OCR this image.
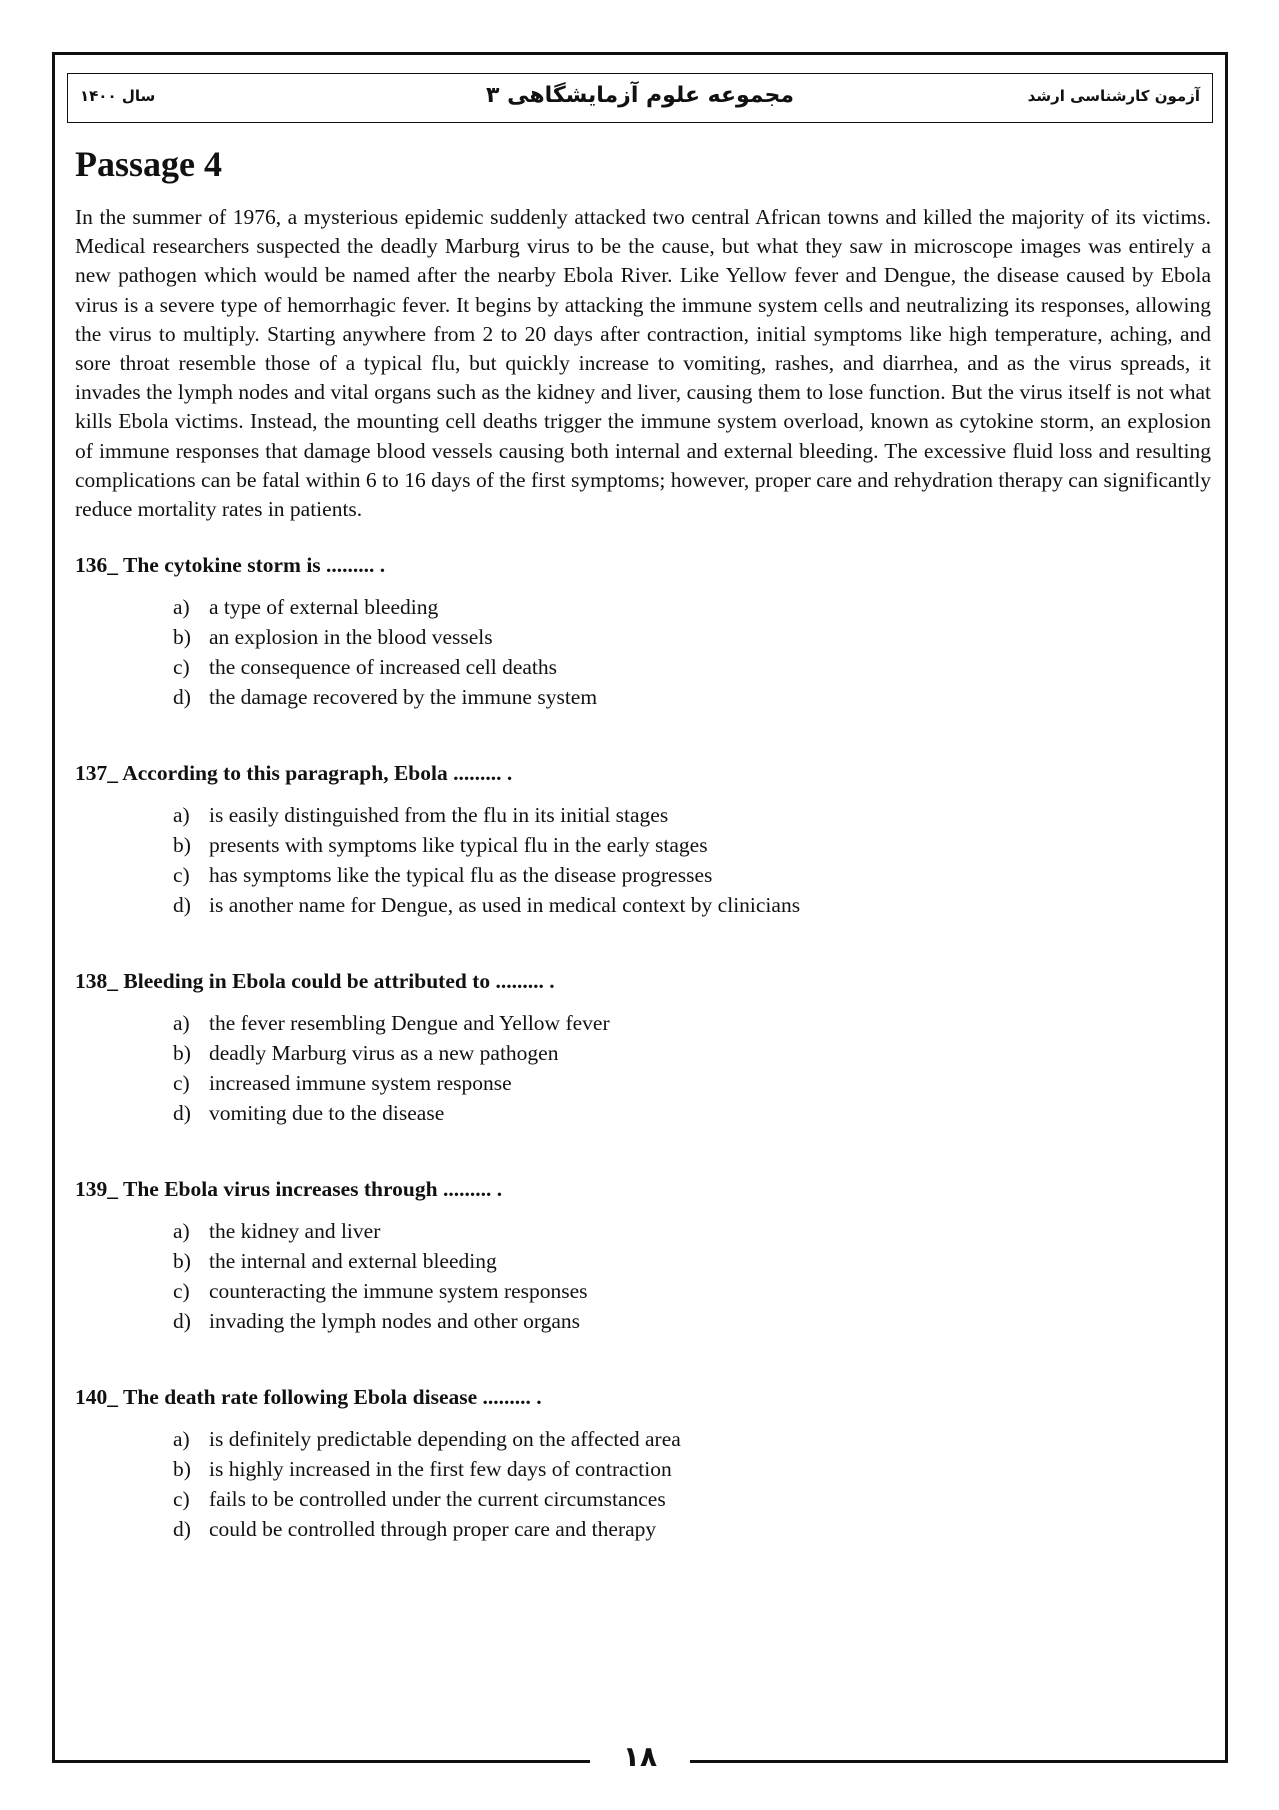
سال ۱۴۰۰	مجموعه علوم آزمایشگاهی ۳	آزمون کارشناسی ارشد
Passage 4

In the summer of 1976, a mysterious epidemic suddenly attacked two central African towns and killed the majority of its victims. Medical researchers suspected the deadly Marburg virus to be the cause, but what they saw in microscope images was entirely a new pathogen which would be named after the nearby Ebola River. Like Yellow fever and Dengue, the disease caused by Ebola virus is a severe type of hemorrhagic fever. It begins by attacking the immune system cells and neutralizing its responses, allowing the virus to multiply. Starting anywhere from 2 to 20 days after contraction, initial symptoms like high temperature, aching, and sore throat resemble those of a typical flu, but quickly increase to vomiting, rashes, and diarrhea, and as the virus spreads, it invades the lymph nodes and vital organs such as the kidney and liver, causing them to lose function. But the virus itself is not what kills Ebola victims. Instead, the mounting cell deaths trigger the immune system overload, known as cytokine storm, an explosion of immune responses that damage blood vessels causing both internal and external bleeding. The excessive fluid loss and resulting complications can be fatal within 6 to 16 days of the first symptoms; however, proper care and rehydration therapy can significantly reduce mortality rates in patients.

136_ The cytokine storm is ......... .

a) a type of external bleeding
b) an explosion in the blood vessels
c) the consequence of increased cell deaths
d) the damage recovered by the immune system

137_ According to this paragraph, Ebola ......... .

a) is easily distinguished from the flu in its initial stages
b) presents with symptoms like typical flu in the early stages
c) has symptoms like the typical flu as the disease progresses
d) is another name for Dengue, as used in medical context by clinicians

138_ Bleeding in Ebola could be attributed to ......... .

a) the fever resembling Dengue and Yellow fever
b) deadly Marburg virus as a new pathogen
c) increased immune system response
d) vomiting due to the disease

139_ The Ebola virus increases through ......... .

a) the kidney and liver
b) the internal and external bleeding
c) counteracting the immune system responses
d) invading the lymph nodes and other organs

140_ The death rate following Ebola disease ......... .

a) is definitely predictable depending on the affected area
b) is highly increased in the first few days of contraction
c) fails to be controlled under the current circumstances
d) could be controlled through proper care and therapy
۱۸
